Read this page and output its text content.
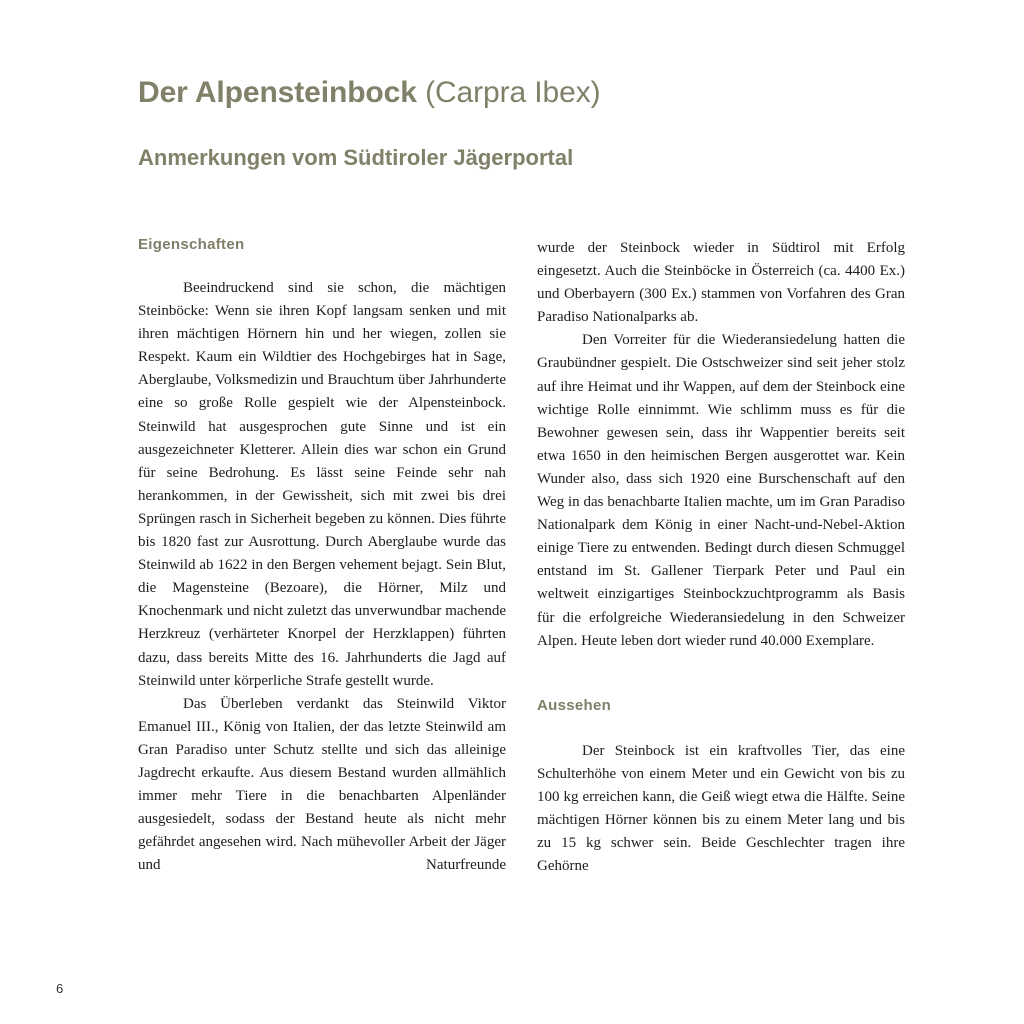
Der Alpensteinbock (Carpra Ibex)
Anmerkungen vom Südtiroler Jägerportal
Eigenschaften

Beeindruckend sind sie schon, die mächtigen Steinböcke: Wenn sie ihren Kopf langsam senken und mit ihren mächtigen Hörnern hin und her wiegen, zollen sie Respekt. Kaum ein Wildtier des Hochgebirges hat in Sage, Aberglaube, Volksmedizin und Brauchtum über Jahrhunderte eine so große Rolle gespielt wie der Alpensteinbock. Steinwild hat ausgesprochen gute Sinne und ist ein ausgezeichneter Kletterer. Allein dies war schon ein Grund für seine Bedrohung. Es lässt seine Feinde sehr nah herankommen, in der Gewissheit, sich mit zwei bis drei Sprüngen rasch in Sicherheit begeben zu können. Dies führte bis 1820 fast zur Ausrottung. Durch Aberglaube wurde das Steinwild ab 1622 in den Bergen vehement bejagt. Sein Blut, die Magensteine (Bezoare), die Hörner, Milz und Knochenmark und nicht zuletzt das unverwundbar machende Herzkreuz (verhärteter Knorpel der Herzklappen) führten dazu, dass bereits Mitte des 16. Jahrhunderts die Jagd auf Steinwild unter körperliche Strafe gestellt wurde.

Das Überleben verdankt das Steinwild Viktor Emanuel III., König von Italien, der das letzte Steinwild am Gran Paradiso unter Schutz stellte und sich das alleinige Jagdrecht erkaufte. Aus diesem Bestand wurden allmählich immer mehr Tiere in die benachbarten Alpenländer ausgesiedelt, sodass der Bestand heute als nicht mehr gefährdet angesehen wird. Nach mühevoller Arbeit der Jäger und Naturfreunde

wurde der Steinbock wieder in Südtirol mit Erfolg eingesetzt. Auch die Steinböcke in Österreich (ca. 4400 Ex.) und Oberbayern (300 Ex.) stammen von Vorfahren des Gran Paradiso Nationalparks ab.

Den Vorreiter für die Wiederansiedelung hatten die Graubündner gespielt. Die Ostschweizer sind seit jeher stolz auf ihre Heimat und ihr Wappen, auf dem der Steinbock eine wichtige Rolle einnimmt. Wie schlimm muss es für die Bewohner gewesen sein, dass ihr Wappentier bereits seit etwa 1650 in den heimischen Bergen ausgerottet war. Kein Wunder also, dass sich 1920 eine Burschenschaft auf den Weg in das benachbarte Italien machte, um im Gran Paradiso Nationalpark dem König in einer Nacht-und-Nebel-Aktion einige Tiere zu entwenden. Bedingt durch diesen Schmuggel entstand im St. Gallener Tierpark Peter und Paul ein weltweit einzigartiges Steinbockzuchtprogramm als Basis für die erfolgreiche Wiederansiedelung in den Schweizer Alpen. Heute leben dort wieder rund 40.000 Exemplare.

Aussehen

Der Steinbock ist ein kraftvolles Tier, das eine Schulterhöhe von einem Meter und ein Gewicht von bis zu 100 kg erreichen kann, die Geiß wiegt etwa die Hälfte. Seine mächtigen Hörner können bis zu einem Meter lang und bis zu 15 kg schwer sein. Beide Geschlechter tragen ihre Gehörne

6
